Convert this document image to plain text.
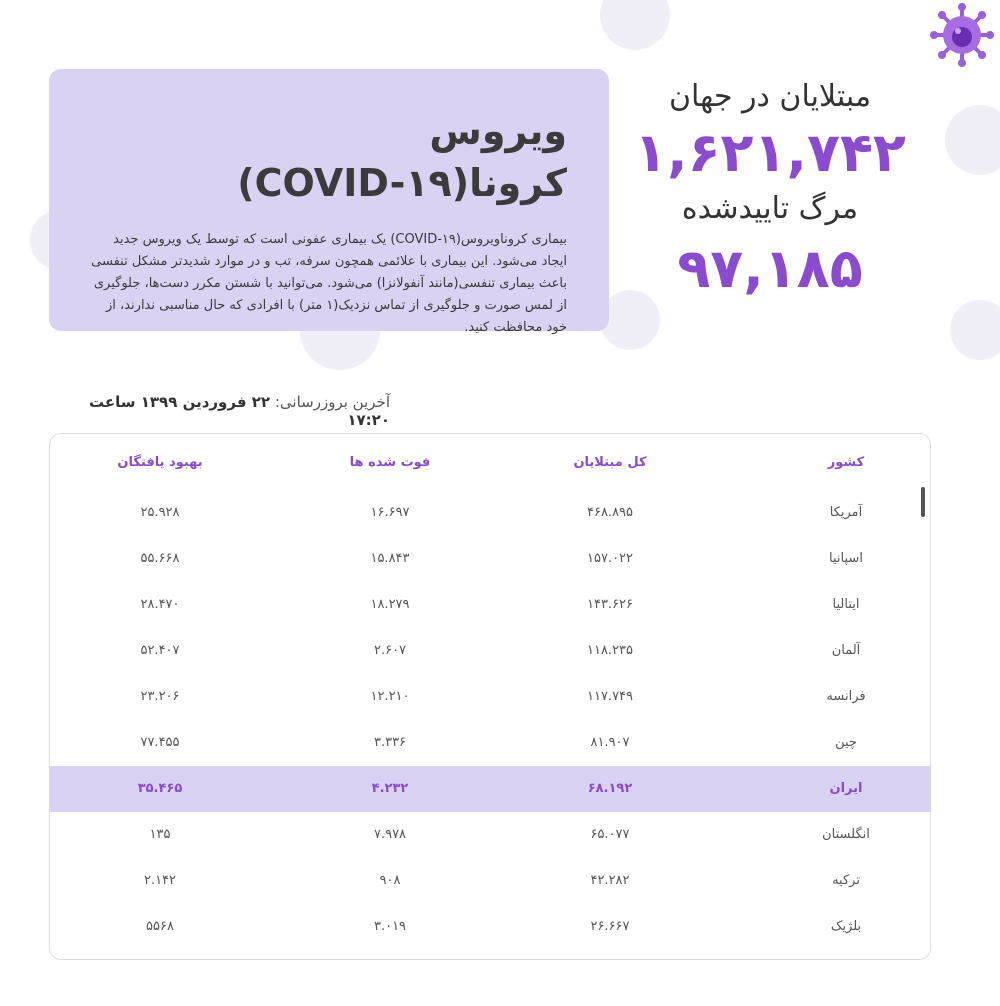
ویروس کرونا(COVID-۱۹)
بیماری کروناویروس(COVID-۱۹) یک بیماری عفونی است که توسط یک ویروس جدید ایجاد می‌شود. این بیماری با علائمی همچون سرفه، تب و در موارد شدیدتر مشکل تنفسی باعث بیماری تنفسی(مانند آنفولانزا) می‌شود. می‌توانید با شستن مکرر دست‌ها، جلوگیری از لمس صورت و جلوگیری از تماس نزدیک(۱ متر) با افرادی که حال مناسبی ندارند، از خود محافظت کنید.
مبتلایان در جهان
۱,۶۲۱,۷۴۲
مرگ تاییدشده
۹۷,۱۸۵
آخرین بروزرسانی: ۲۲ فروردین ۱۳۹۹ ساعت ۱۷:۲۰
کشور
کل مبتلایان
فوت شده ها
بهبود یافتگان
آمریکا
۴۶۸.۸۹۵
۱۶.۶۹۷
۲۵.۹۲۸
اسپانیا
۱۵۷.۰۲۲
۱۵.۸۴۳
۵۵.۶۶۸
ایتالیا
۱۴۳.۶۲۶
۱۸.۲۷۹
۲۸.۴۷۰
آلمان
۱۱۸.۲۳۵
۲.۶۰۷
۵۲.۴۰۷
فرانسه
۱۱۷.۷۴۹
۱۲.۲۱۰
۲۳.۲۰۶
چین
۸۱.۹۰۷
۳.۳۳۶
۷۷.۴۵۵
ایران
۶۸.۱۹۲
۴.۲۳۲
۳۵.۴۶۵
انگلستان
۶۵.۰۷۷
۷.۹۷۸
۱۳۵
ترکیه
۴۲.۲۸۲
۹۰۸
۲.۱۴۲
بلژیک
۲۶.۶۶۷
۳.۰۱۹
۵۵۶۸
